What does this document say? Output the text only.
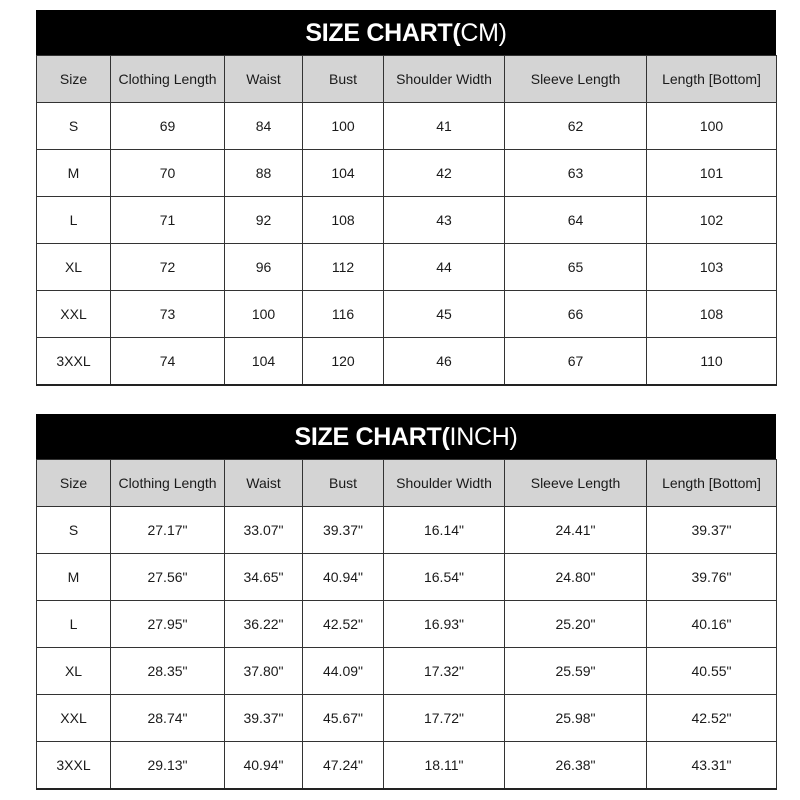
SIZE CHART(CM)
Size	Clothing Length	Waist	Bust	Shoulder Width	Sleeve Length	Length [Bottom]
S	69	84	100	41	62	100
M	70	88	104	42	63	101
L	71	92	108	43	64	102
XL	72	96	112	44	65	103
XXL	73	100	116	45	66	108
3XXL	74	104	120	46	67	110
SIZE CHART(INCH)
Size	Clothing Length	Waist	Bust	Shoulder Width	Sleeve Length	Length [Bottom]
S	27.17"	33.07"	39.37"	16.14"	24.41"	39.37"
M	27.56"	34.65"	40.94"	16.54"	24.80"	39.76"
L	27.95"	36.22"	42.52"	16.93"	25.20"	40.16"
XL	28.35"	37.80"	44.09"	17.32"	25.59"	40.55"
XXL	28.74"	39.37"	45.67"	17.72"	25.98"	42.52"
3XXL	29.13"	40.94"	47.24"	18.11"	26.38"	43.31"
